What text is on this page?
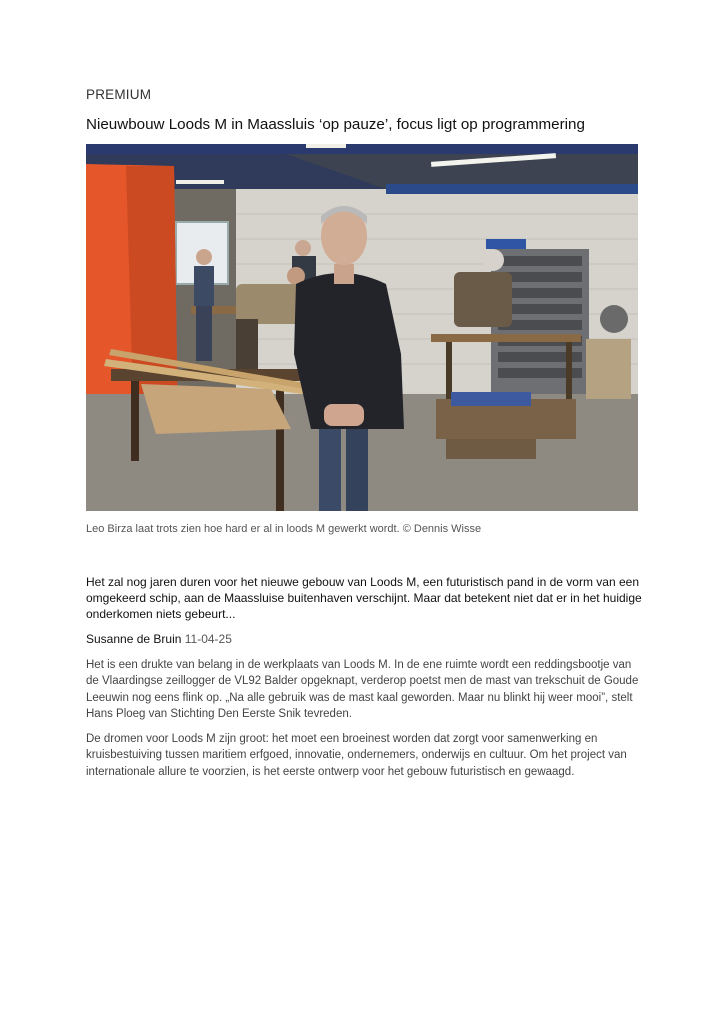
PREMIUM
Nieuwbouw Loods M in Maassluis ‘op pauze’, focus ligt op programmering
Leo Birza laat trots zien hoe hard er al in loods M gewerkt wordt. © Dennis Wisse
Het zal nog jaren duren voor het nieuwe gebouw van Loods M, een futuristisch pand in de vorm van een omgekeerd schip, aan de Maassluise buitenhaven verschijnt. Maar dat betekent niet dat er in het huidige onderkomen niets gebeurt...
Susanne de Bruin 11-04-25
Het is een drukte van belang in de werkplaats van Loods M. In de ene ruimte wordt een reddingsbootje van de Vlaardingse zeillogger de VL92 Balder opgeknapt, verderop poetst men de mast van trekschuit de Goude Leeuwin nog eens flink op. „Na alle gebruik was de mast kaal geworden. Maar nu blinkt hij weer mooi”, stelt Hans Ploeg van Stichting Den Eerste Snik tevreden.
De dromen voor Loods M zijn groot: het moet een broeinest worden dat zorgt voor samenwerking en kruisbestuiving tussen maritiem erfgoed, innovatie, ondernemers, onderwijs en cultuur. Om het project van internationale allure te voorzien, is het eerste ontwerp voor het gebouw futuristisch en gewaagd.
